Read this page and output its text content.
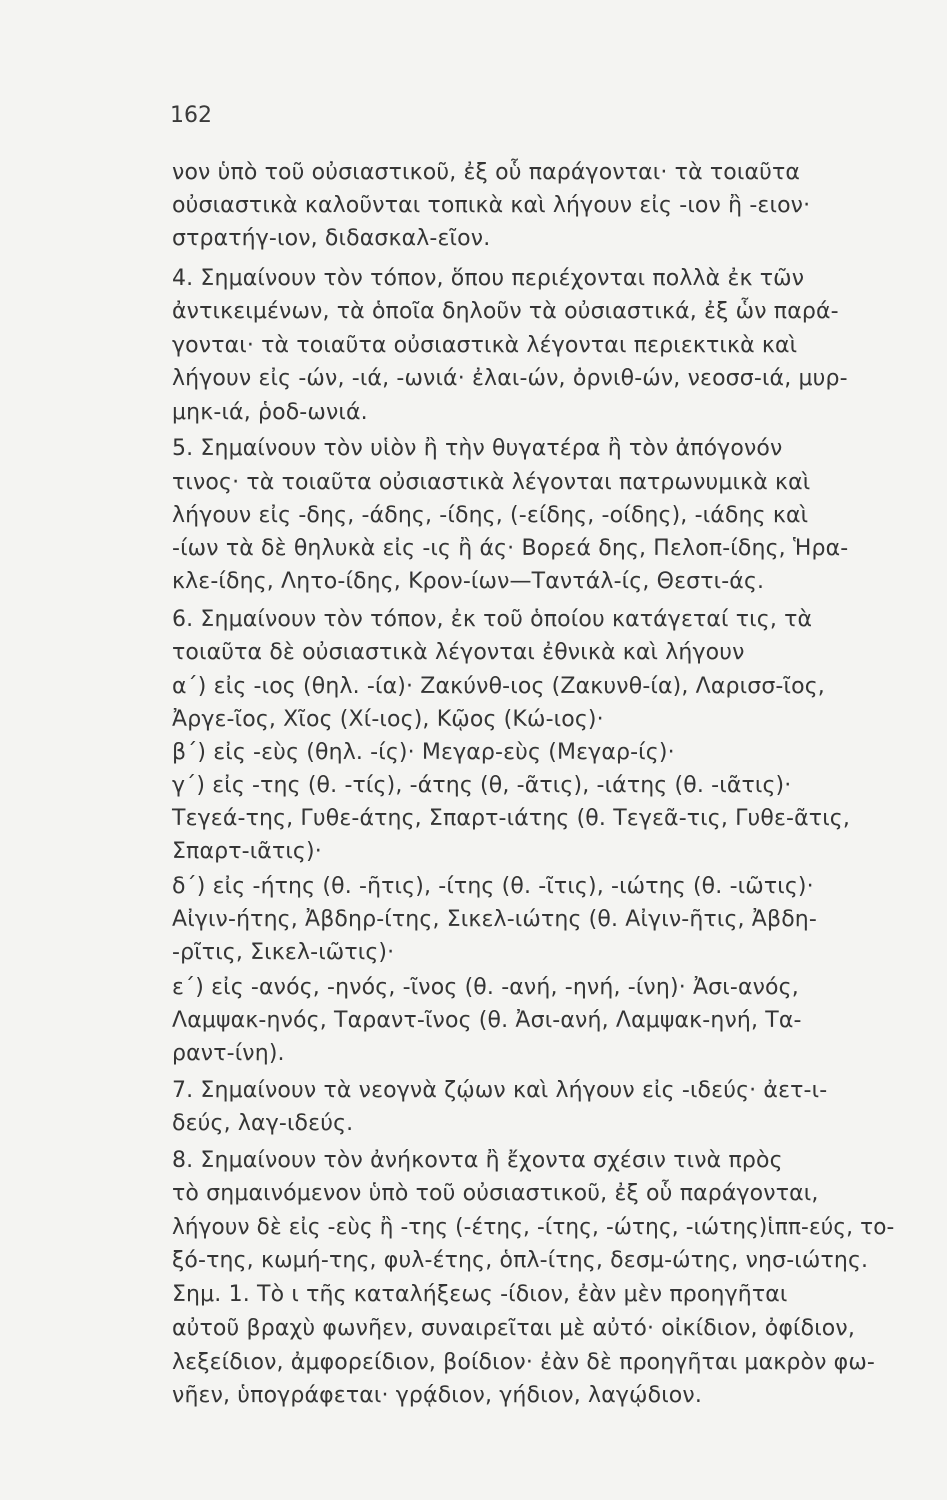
162
νον ὑπὸ τοῦ οὐσιαστικοῦ, ἐξ οὗ παράγονται· τὰ τοιαῦτα
οὐσιαστικὰ καλοῦνται τοπικὰ καὶ λήγουν εἰς -ιον ἢ -ειον·
στρατήγ-ιον, διδασκαλ-εῖον.
4. Σημαίνουν τὸν τόπον, ὅπου περιέχονται πολλὰ ἐκ τῶν
ἀντικειμένων, τὰ ὁποῖα δηλοῦν τὰ οὐσιαστικά, ἐξ ὧν παρά-
γονται· τὰ τοιαῦτα οὐσιαστικὰ λέγονται περιεκτικὰ καὶ
λήγουν εἰς -ών, -ιά, -ωνιά· ἐλαι-ών, ὀρνιθ-ών, νεοσσ-ιά, μυρ-
μηκ-ιά, ῥοδ-ωνιά.
5. Σημαίνουν τὸν υἱὸν ἢ τὴν θυγατέρα ἢ τὸν ἀπόγονόν
τινος· τὰ τοιαῦτα οὐσιαστικὰ λέγονται πατρωνυμικὰ καὶ
λήγουν εἰς -δης, -άδης, -ίδης, (-είδης, -οίδης), -ιάδης καὶ
-ίων τὰ δὲ θηλυκὰ εἰς -ις ἢ άς· Βορεά δης, Πελοπ-ίδης, Ἡρα-
κλε-ίδης, Λητο-ίδης, Κρον-ίων—Ταντάλ-ίς, Θεστι-άς.
6. Σημαίνουν τὸν τόπον, ἐκ τοῦ ὁποίου κατάγεταί τις, τὰ
τοιαῦτα δὲ οὐσιαστικὰ λέγονται ἐθνικὰ καὶ λήγουν
α΄) εἰς -ιος (θηλ. -ία)· Ζακύνθ-ιος (Ζακυνθ-ία), Λαρισσ-ῖος,
Ἀργε-ῖος, Χῖος (Χί-ιος), Κῷος (Κώ-ιος)·
β΄) εἰς -εὺς (θηλ. -ίς)· Μεγαρ-εὺς (Μεγαρ-ίς)·
γ΄) εἰς -της (θ. -τίς), -άτης (θ, -ᾶτις), -ιάτης (θ. -ιᾶτις)·
Τεγεά-της, Γυθε-άτης, Σπαρτ-ιάτης (θ. Τεγεᾶ-τις, Γυθε-ᾶτις,
Σπαρτ-ιᾶτις)·
δ΄) εἰς -ήτης (θ. -ῆτις), -ίτης (θ. -ῖτις), -ιώτης (θ. -ιῶτις)·
Αἰγιν-ήτης, Ἀβδηρ-ίτης, Σικελ-ιώτης (θ. Αἰγιν-ῆτις, Ἀβδη-
-ρῖτις, Σικελ-ιῶτις)·
ε΄) εἰς -ανός, -ηνός, -ῖνος (θ. -ανή, -ηνή, -ίνη)· Ἀσι-ανός,
Λαμψακ-ηνός, Ταραντ-ῖνος (θ. Ἀσι-ανή, Λαμψακ-ηνή, Τα-
ραντ-ίνη).
7. Σημαίνουν τὰ νεογνὰ ζῴων καὶ λήγουν εἰς -ιδεύς· ἀετ-ι-
δεύς, λαγ-ιδεύς.
8. Σημαίνουν τὸν ἀνήκοντα ἢ ἔχοντα σχέσιν τινὰ πρὸς
τὸ σημαινόμενον ὑπὸ τοῦ οὐσιαστικοῦ, ἐξ οὗ παράγονται,
λήγουν δὲ εἰς -εὺς ἢ -της (-έτης, -ίτης, -ώτης, -ιώτης)ἱππ-εύς, το-
ξό-της, κωμή-της, φυλ-έτης, ὁπλ-ίτης, δεσμ-ώτης, νησ-ιώτης.
Σημ. 1. Τὸ ι τῆς καταλήξεως -ίδιον, ἐὰν μὲν προηγῆται
αὐτοῦ βραχὺ φωνῆεν, συναιρεῖται μὲ αὐτό· οἰκίδιον, ὀφίδιον,
λεξείδιον, ἀμφορείδιον, βοίδιον· ἐὰν δὲ προηγῆται μακρὸν φω-
νῆεν, ὑπογράφεται· γρᾴδιον, γήδιον, λαγῴδιον.
